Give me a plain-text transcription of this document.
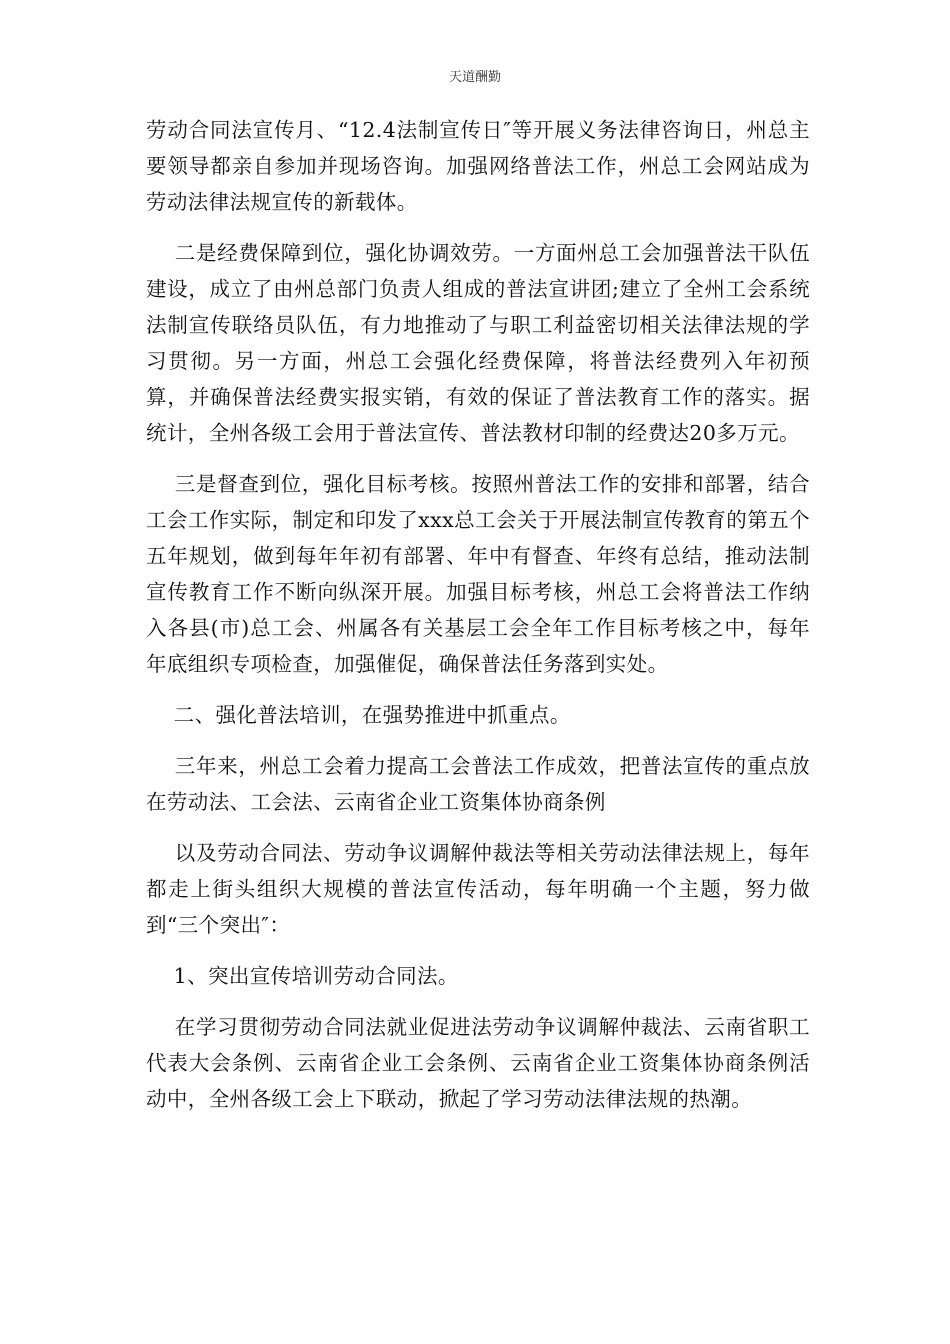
天道酬勤

劳动合同法宣传月、“12.4法制宣传日″等开展义务法律咨询日，州总主要领导都亲自参加并现场咨询。加强网络普法工作，州总工会网站成为劳动法律法规宣传的新载体。

二是经费保障到位，强化协调效劳。一方面州总工会加强普法干队伍建设，成立了由州总部门负责人组成的普法宣讲团;建立了全州工会系统法制宣传联络员队伍，有力地推动了与职工利益密切相关法律法规的学习贯彻。另一方面，州总工会强化经费保障，将普法经费列入年初预算，并确保普法经费实报实销，有效的保证了普法教育工作的落实。据统计，全州各级工会用于普法宣传、普法教材印制的经费达20多万元。

三是督查到位，强化目标考核。按照州普法工作的安排和部署，结合工会工作实际，制定和印发了xxx总工会关于开展法制宣传教育的第五个五年规划，做到每年年初有部署、年中有督查、年终有总结，推动法制宣传教育工作不断向纵深开展。加强目标考核，州总工会将普法工作纳入各县(市)总工会、州属各有关基层工会全年工作目标考核之中，每年年底组织专项检查，加强催促，确保普法任务落到实处。

二、强化普法培训，在强势推进中抓重点。

三年来，州总工会着力提高工会普法工作成效，把普法宣传的重点放在劳动法、工会法、云南省企业工资集体协商条例

以及劳动合同法、劳动争议调解仲裁法等相关劳动法律法规上，每年都走上街头组织大规模的普法宣传活动，每年明确一个主题，努力做到“三个突出″：

1、突出宣传培训劳动合同法。

在学习贯彻劳动合同法就业促进法劳动争议调解仲裁法、云南省职工代表大会条例、云南省企业工会条例、云南省企业工资集体协商条例活动中，全州各级工会上下联动，掀起了学习劳动法律法规的热潮。
